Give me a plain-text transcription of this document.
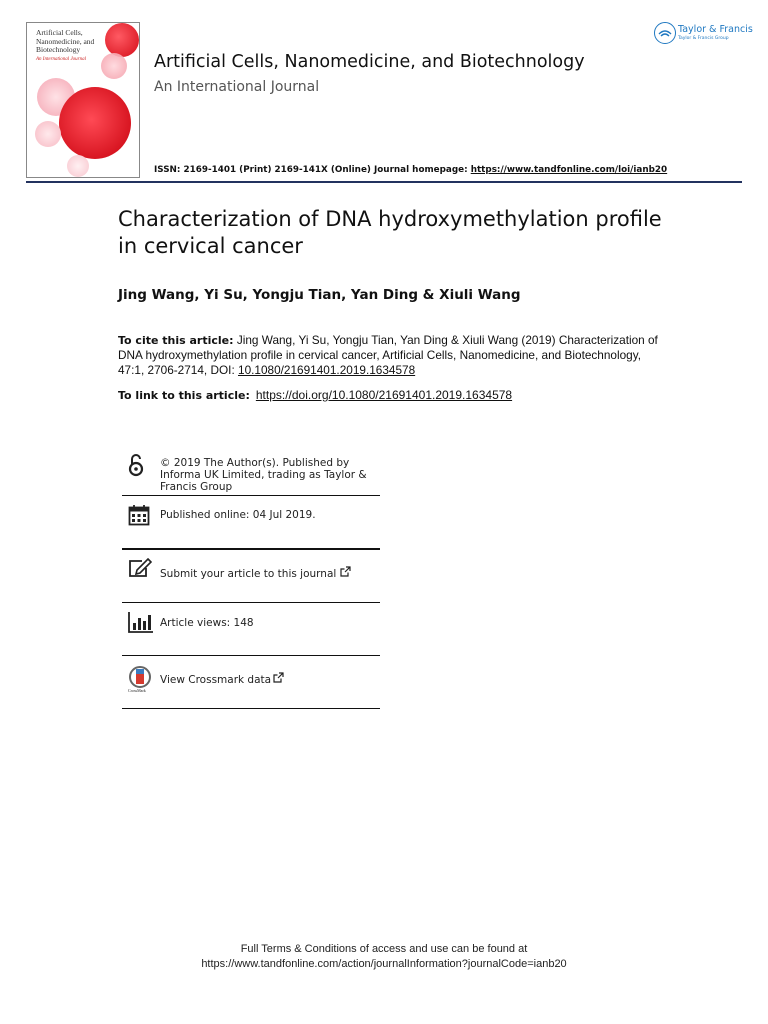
Artificial Cells, Nanomedicine, and Biotechnology
An International Journal	Artificial Cells, Nanomedicine, and Biotechnology
An International Journal
ISSN: 2169-1401 (Print) 2169-141X (Online) Journal homepage: https://www.tandfonline.com/loi/ianb20
Taylor & Francis
Taylor & Francis Group
Characterization of DNA hydroxymethylation profile in cervical cancer
Jing Wang, Yi Su, Yongju Tian, Yan Ding & Xiuli Wang
To cite this article: Jing Wang, Yi Su, Yongju Tian, Yan Ding & Xiuli Wang (2019) Characterization of DNA hydroxymethylation profile in cervical cancer, Artificial Cells, Nanomedicine, and Biotechnology, 47:1, 2706-2714, DOI: 10.1080/21691401.2019.1634578
To link to this article: https://doi.org/10.1080/21691401.2019.1634578
© 2019 The Author(s). Published by Informa UK Limited, trading as Taylor & Francis Group
Published online: 04 Jul 2019.
Submit your article to this journal
Article views: 148
CrossMark
View Crossmark data
Full Terms & Conditions of access and use can be found at
https://www.tandfonline.com/action/journalInformation?journalCode=ianb20
